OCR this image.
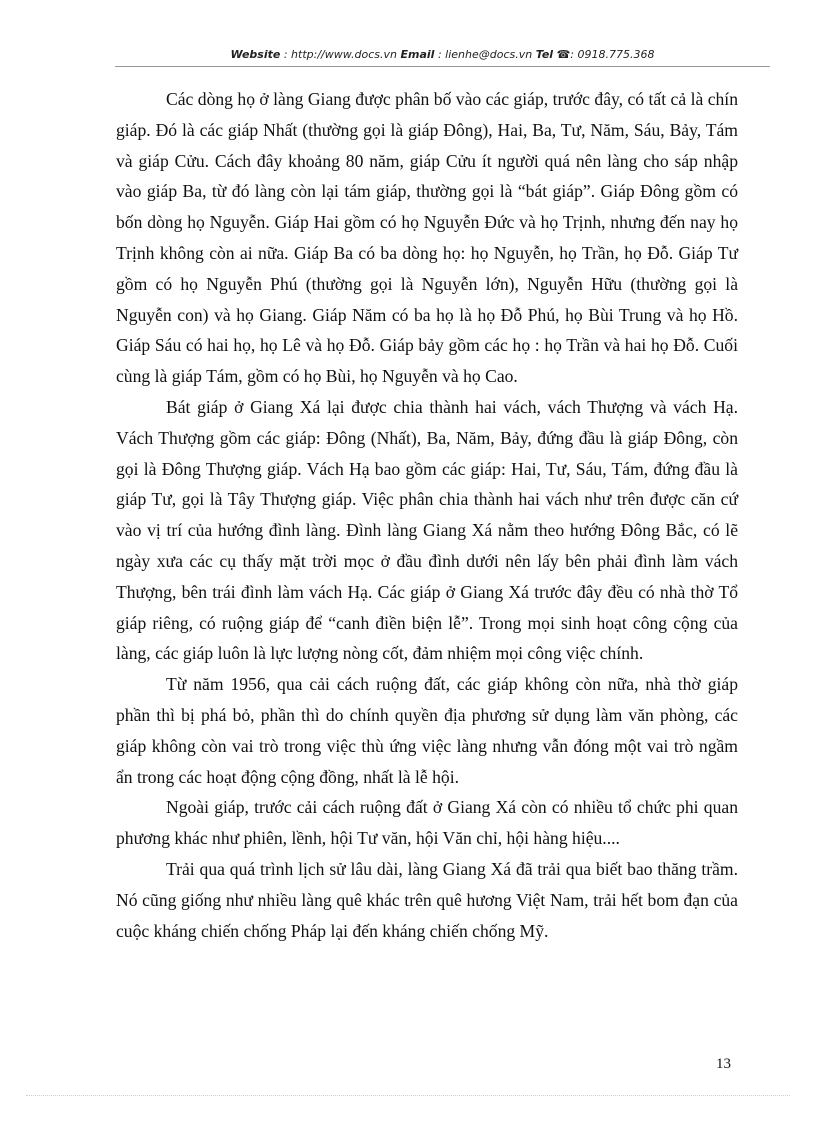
Website : http://www.docs.vn Email : lienhe@docs.vn Tel ☎: 0918.775.368

Các dòng họ ở làng Giang được phân bố vào các giáp, trước đây, có tất cả là chín giáp. Đó là các giáp Nhất (thường gọi là giáp Đông), Hai, Ba, Tư, Năm, Sáu, Bảy, Tám và giáp Cửu. Cách đây khoảng 80 năm, giáp Cửu ít người quá nên làng cho sáp nhập vào giáp Ba, từ đó làng còn lại tám giáp, thường gọi là “bát giáp”. Giáp Đông gồm có bốn dòng họ Nguyễn. Giáp Hai gồm có họ Nguyễn Đức và họ Trịnh, nhưng đến nay họ Trịnh không còn ai nữa. Giáp Ba có ba dòng họ: họ Nguyễn, họ Trần, họ Đỗ. Giáp Tư gồm có họ Nguyễn Phú (thường gọi là Nguyễn lớn), Nguyễn Hữu (thường gọi là Nguyễn con) và họ Giang. Giáp Năm có ba họ là họ Đỗ Phú, họ Bùi Trung và họ Hồ. Giáp Sáu có hai họ, họ Lê và họ Đỗ. Giáp bảy gồm các họ : họ Trần và hai họ Đỗ. Cuối cùng là giáp Tám, gồm có họ Bùi, họ Nguyễn và họ Cao.

Bát giáp ở Giang Xá lại được chia thành hai vách, vách Thượng và vách Hạ. Vách Thượng gồm các giáp: Đông (Nhất), Ba, Năm, Bảy, đứng đầu là giáp Đông, còn gọi là Đông Thượng giáp. Vách Hạ bao gồm các giáp: Hai, Tư, Sáu, Tám, đứng đầu là giáp Tư, gọi là Tây Thượng giáp. Việc phân chia thành hai vách như trên được căn cứ vào vị trí của hướng đình làng. Đình làng Giang Xá nằm theo hướng Đông Bắc, có lẽ ngày xưa các cụ thấy mặt trời mọc ở đầu đình dưới nên lấy bên phải đình làm vách Thượng, bên trái đình làm vách Hạ. Các giáp ở Giang Xá trước đây đều có nhà thờ Tổ giáp riêng, có ruộng giáp để “canh điền biện lễ”. Trong mọi sinh hoạt công cộng của làng, các giáp luôn là lực lượng nòng cốt, đảm nhiệm mọi công việc chính.

Từ năm 1956, qua cải cách ruộng đất, các giáp không còn nữa, nhà thờ giáp phần thì bị phá bỏ, phần thì do chính quyền địa phương sử dụng làm văn phòng, các giáp không còn vai trò trong việc thù ứng việc làng nhưng vẫn đóng một vai trò ngầm ẩn trong các hoạt động cộng đồng, nhất là lễ hội.

Ngoài giáp, trước cải cách ruộng đất ở Giang Xá còn có nhiều tổ chức phi quan phương khác như phiên, lềnh, hội Tư văn, hội Văn chỉ, hội hàng hiệu....

Trải qua quá trình lịch sử lâu dài, làng Giang Xá đã trải qua biết bao thăng trầm. Nó cũng giống như nhiều làng quê khác trên quê hương Việt Nam, trải hết bom đạn của cuộc kháng chiến chống Pháp lại đến kháng chiến chống Mỹ.

13
